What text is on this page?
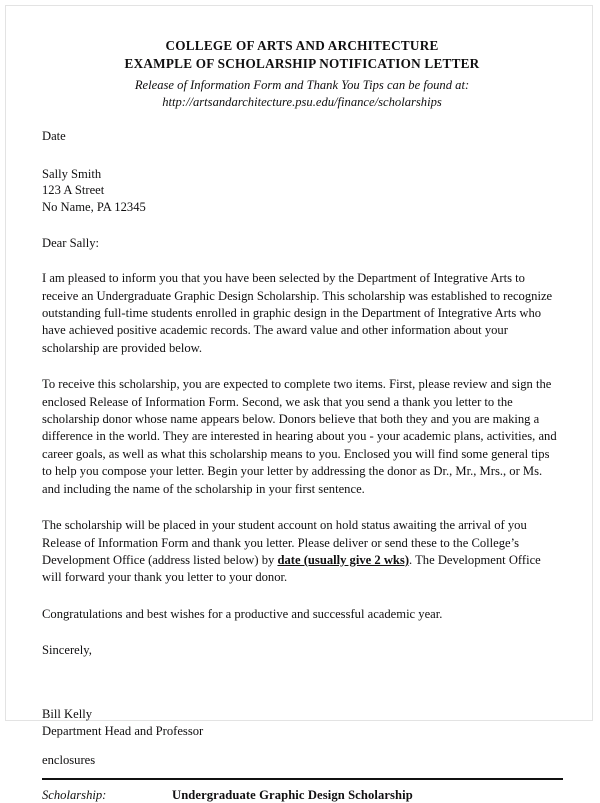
COLLEGE OF ARTS AND ARCHITECTURE
EXAMPLE OF SCHOLARSHIP NOTIFICATION LETTER
Release of Information Form and Thank You Tips can be found at:
http://artsandarchitecture.psu.edu/finance/scholarships
Date
Sally Smith
123 A Street
No Name, PA 12345
Dear Sally:
I am pleased to inform you that you have been selected by the Department of Integrative Arts to receive an Undergraduate Graphic Design Scholarship. This scholarship was established to recognize outstanding full-time students enrolled in graphic design in the Department of Integrative Arts who have achieved positive academic records. The award value and other information about your scholarship are provided below.
To receive this scholarship, you are expected to complete two items. First, please review and sign the enclosed Release of Information Form. Second, we ask that you send a thank you letter to the scholarship donor whose name appears below. Donors believe that both they and you are making a difference in the world. They are interested in hearing about you - your academic plans, activities, and career goals, as well as what this scholarship means to you. Enclosed you will find some general tips to help you compose your letter. Begin your letter by addressing the donor as Dr., Mr., Mrs., or Ms. and including the name of the scholarship in your first sentence.
The scholarship will be placed in your student account on hold status awaiting the arrival of you Release of Information Form and thank you letter. Please deliver or send these to the College’s Development Office (address listed below) by date (usually give 2 wks). The Development Office will forward your thank you letter to your donor.
Congratulations and best wishes for a productive and successful academic year.
Sincerely,
Bill Kelly
Department Head and Professor
enclosures
Scholarship:	Undergraduate Graphic Design Scholarship
